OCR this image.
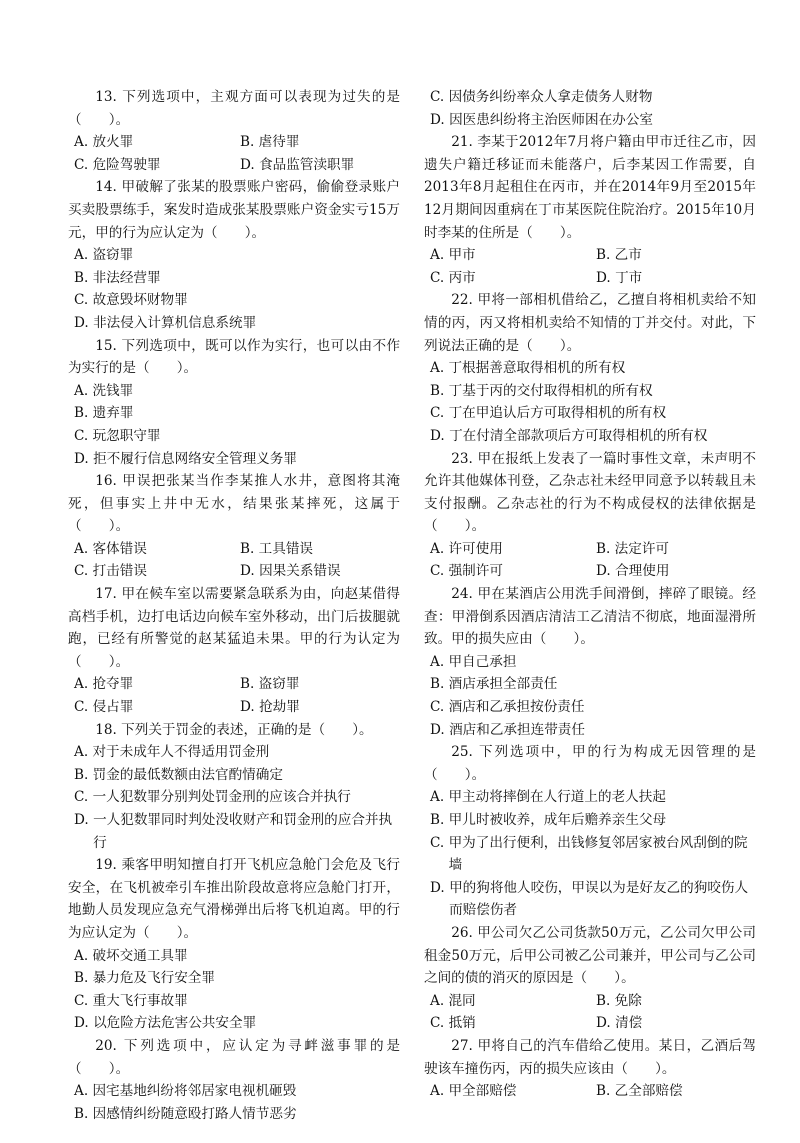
13. 下列选项中，主观方面可以表现为过失的是（　　）。

A. 放火罪	B. 虐待罪
C. 危险驾驶罪	D. 食品监管渎职罪

14. 甲破解了张某的股票账户密码，偷偷登录账户买卖股票练手，案发时造成张某股票账户资金实亏15万元，甲的行为应认定为（　　）。

A. 盗窃罪
B. 非法经营罪
C. 故意毁坏财物罪
D. 非法侵入计算机信息系统罪

15. 下列选项中，既可以作为实行，也可以由不作为实行的是（　　）。

A. 洗钱罪
B. 遗弃罪
C. 玩忽职守罪
D. 拒不履行信息网络安全管理义务罪

16. 甲误把张某当作李某推人水井，意图将其淹死，但事实上井中无水，结果张某摔死，这属于（　　）。

A. 客体错误	B. 工具错误
C. 打击错误	D. 因果关系错误

17. 甲在候车室以需要紧急联系为由，向赵某借得高档手机，边打电话边向候车室外移动，出门后拔腿就跑，已经有所警觉的赵某猛追未果。甲的行为认定为（　　）。

A. 抢夺罪	B. 盗窃罪
C. 侵占罪	D. 抢劫罪

18. 下列关于罚金的表述，正确的是（　　）。

A. 对于未成年人不得适用罚金刑
B. 罚金的最低数额由法官酌情确定
C. 一人犯数罪分别判处罚金刑的应该合并执行
D. 一人犯数罪同时判处没收财产和罚金刑的应合并执行

19. 乘客甲明知擅自打开飞机应急舱门会危及飞行安全，在飞机被牵引车推出阶段故意将应急舱门打开，地勤人员发现应急充气滑梯弹出后将飞机迫离。甲的行为应认定为（　　）。

A. 破坏交通工具罪
B. 暴力危及飞行安全罪
C. 重大飞行事故罪
D. 以危险方法危害公共安全罪

20. 下列选项中，应认定为寻衅滋事罪的是（　　）。

A. 因宅基地纠纷将邻居家电视机砸毁
B. 因感情纠纷随意殴打路人情节恶劣
C. 因债务纠纷率众人拿走债务人财物
D. 因医患纠纷将主治医师困在办公室

21. 李某于2012年7月将户籍由甲市迁往乙市，因遗失户籍迁移证而未能落户，后李某因工作需要，自2013年8月起租住在丙市，并在2014年9月至2015年12月期间因重病在丁市某医院住院治疗。2015年10月时李某的住所是（　　）。

A. 甲市	B. 乙市
C. 丙市	D. 丁市

22. 甲将一部相机借给乙，乙擅自将相机卖给不知情的丙，丙又将相机卖给不知情的丁并交付。对此，下列说法正确的是（　　）。

A. 丁根据善意取得相机的所有权
B. 丁基于丙的交付取得相机的所有权
C. 丁在甲追认后方可取得相机的所有权
D. 丁在付清全部款项后方可取得相机的所有权

23. 甲在报纸上发表了一篇时事性文章，未声明不允许其他媒体刊登，乙杂志社未经甲同意予以转载且未支付报酬。乙杂志社的行为不构成侵权的法律依据是（　　）。

A. 许可使用	B. 法定许可
C. 强制许可	D. 合理使用

24. 甲在某酒店公用洗手间滑倒，摔碎了眼镜。经查：甲滑倒系因酒店清洁工乙清洁不彻底，地面湿滑所致。甲的损失应由（　　）。

A. 甲自己承担
B. 酒店承担全部责任
C. 酒店和乙承担按份责任
D. 酒店和乙承担连带责任

25. 下列选项中，甲的行为构成无因管理的是（　　）。

A. 甲主动将摔倒在人行道上的老人扶起
B. 甲儿时被收养，成年后赡养亲生父母
C. 甲为了出行便利，出钱修复邻居家被台风刮倒的院墙
D. 甲的狗将他人咬伤，甲误以为是好友乙的狗咬伤人而赔偿伤者

26. 甲公司欠乙公司货款50万元，乙公司欠甲公司租金50万元，后甲公司被乙公司兼并，甲公司与乙公司之间的债的消灭的原因是（　　）。

A. 混同	B. 免除
C. 抵销	D. 清偿

27. 甲将自己的汽车借给乙使用。某日，乙酒后驾驶该车撞伤丙，丙的损失应该由（　　）。

A. 甲全部赔偿	B. 乙全部赔偿
